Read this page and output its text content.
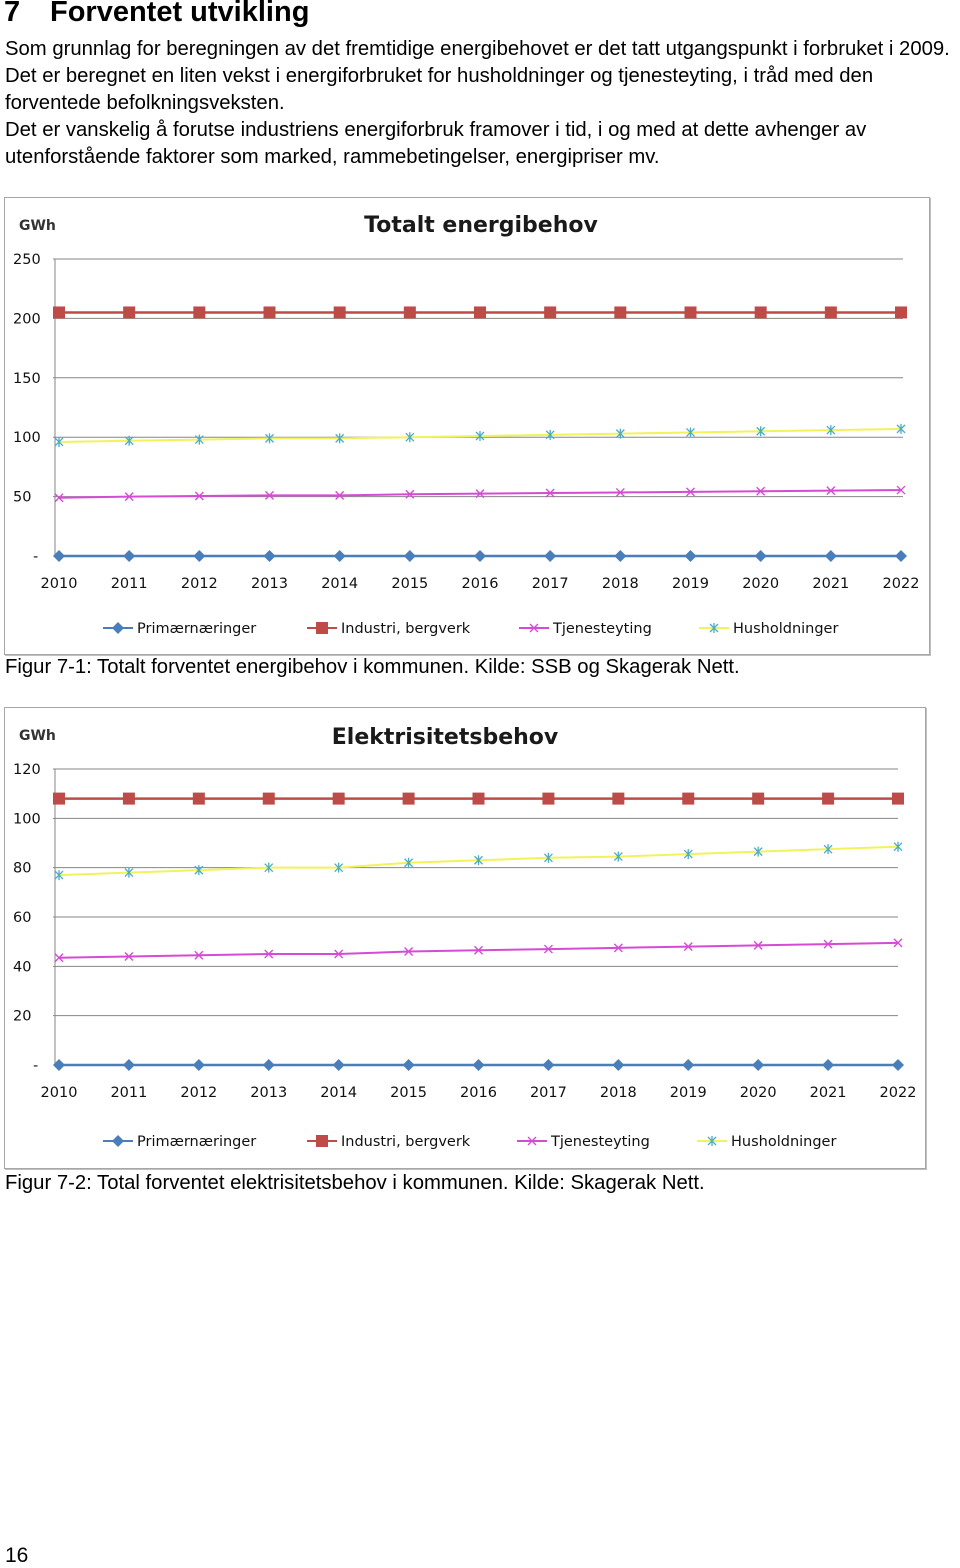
7 Forventet utvikling

Som grunnlag for beregningen av det fremtidige energibehovet er det tatt utgangspunkt i forbruket i 2009. Det er beregnet en liten vekst i energiforbruket for husholdninger og tjenesteyting, i tråd med den forventede befolkningsveksten.

Det er vanskelig å forutse industriens energiforbruk framover i tid, i og med at dette avhenger av utenforstående faktorer som marked, rammebetingelser, energipriser mv.

Totalt energibehov
GWh
-
50
100
150
200
250
2010 2011 2012 2013 2014 2015 2016 2017 2018 2019 2020 2021 2022
Primærnæringer	Industri, bergverk	Tjenesteyting	Husholdninger

Figur 7-1: Totalt forventet energibehov i kommunen. Kilde: SSB og Skagerak Nett.

Elektrisitetsbehov
GWh
-
20
40
60
80
100
120
2010 2011 2012 2013 2014 2015 2016 2017 2018 2019 2020 2021 2022
Primærnæringer	Industri, bergverk	Tjenesteyting	Husholdninger

Figur 7-2: Total forventet elektrisitetsbehov i kommunen. Kilde: Skagerak Nett.

16
